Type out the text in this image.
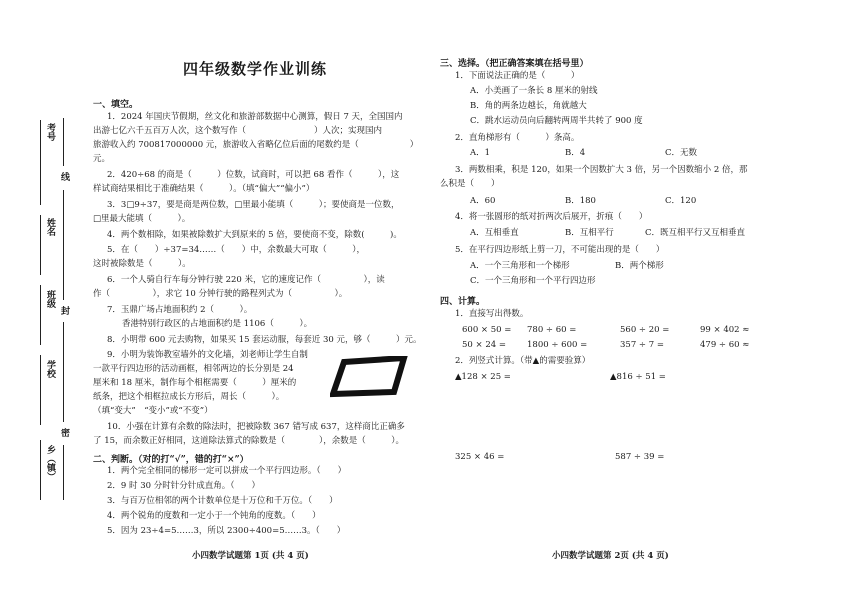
考号
姓名
班级
学校
乡（镇）
线
封
密
四年级数学作业训练
一、填空。
1．2024 年国庆节假期，丝文化和旅游部数据中心测算，假日 7 天，全国国内
出游七亿六千五百万人次，这个数写作（　　　　　　　　）人次；实现国内
旅游收入约 700817000000 元，旅游收入省略亿位后面的尾数约是（　　　　　　）
元。
2．420÷68 的商是（　　　）位数，试商时，可以把 68 看作（　　　），这
样试商结果相比于准确结果（　　　）。（填“偏大”“偏小”）
3．3□9÷37，要是商是两位数，□里最小能填（　　　）；要使商是一位数，
□里最大能填（　　　）。
4．两个数相除，如果被除数扩大到原来的 5 倍，要使商不变，除数(　　　)。
5．在（　　）÷37=34……（　　）中，余数最大可取（　　　），
这时被除数是（　　　）。
6．一个人骑自行车每分钟行驶 220 米，它的速度记作（　　　　　），读
作（　　　　　），求它 10 分钟行驶的路程列式为（　　　　　）。
7．玉鼎广场占地面积约 2（　　　）。
香港特别行政区的占地面积约是 1106（　　　）。
8．小明带 600 元去购物，如果买 15 套运动服，每套近 30 元，够（　　　）元。
9．小明为装饰教室墙外的文化墙，刘老师让学生自制
一款平行四边形的活动画框，相邻两边的长分别是 24
厘米和 18 厘米，制作每个相框需要（　　　）厘米的
纸条，把这个相框拉成长方形后，周长（　　　）。
（填“变大”　“变小”或“不变”）
10．小强在计算有余数的除法时，把被除数 367 错写成 637，这样商比正确多
了 15，而余数正好相同，这道除法算式的除数是（　　　　），余数是（　　　）。
二、判断。（对的打“√”，错的打“×”）
1．两个完全相同的梯形一定可以拼成一个平行四边形。（　　）
2．9 时 30 分时针分针成直角。（　　）
3．与百万位相邻的两个计数单位是十万位和千万位。（　　）
4．两个锐角的度数和一定小于一个钝角的度数。（　　）
5．因为 23÷4=5……3，所以 2300÷400=5……3。（　　）
小四数学试题第 1页 (共 4 页)
三、选择。（把正确答案填在括号里）
1．下面说法正确的是（　　　）
A．小美画了一条长 8 厘米的射线
B．角的两条边越长，角就越大
C．跳水运动员向后翻转两周半共转了 900 度
2．直角梯形有（　　　）条高。
A．1	B．4	C．无数
3．两数相乘，积是 120，如果一个因数扩大 3 倍，另一个因数缩小 2 倍，那
么积是（　　）
A．60	B．180	C．120
4．将一张圆形的纸对折两次后展开，折痕（　　）
A．互相垂直	B．互相平行	C．既互相平行又互相垂直
5．在平行四边形纸上剪一刀，不可能出现的是（　　）
A．一个三角形和一个梯形	B．两个梯形
C．一个三角形和一个平行四边形
四、计算。
1．直接写出得数。
600 × 50 = 780 ÷ 60 =	560 ÷ 20 =	99 × 402 ≈
50 × 24 = 1800 ÷ 600 =	357 ÷ 7 =	479 ÷ 60 ≈
2．列竖式计算。（带▲的需要验算）
▲128 × 25 =	▲816 ÷ 51 =
325 × 46 =	587 ÷ 39 =
小四数学试题第 2页 (共 4 页)
